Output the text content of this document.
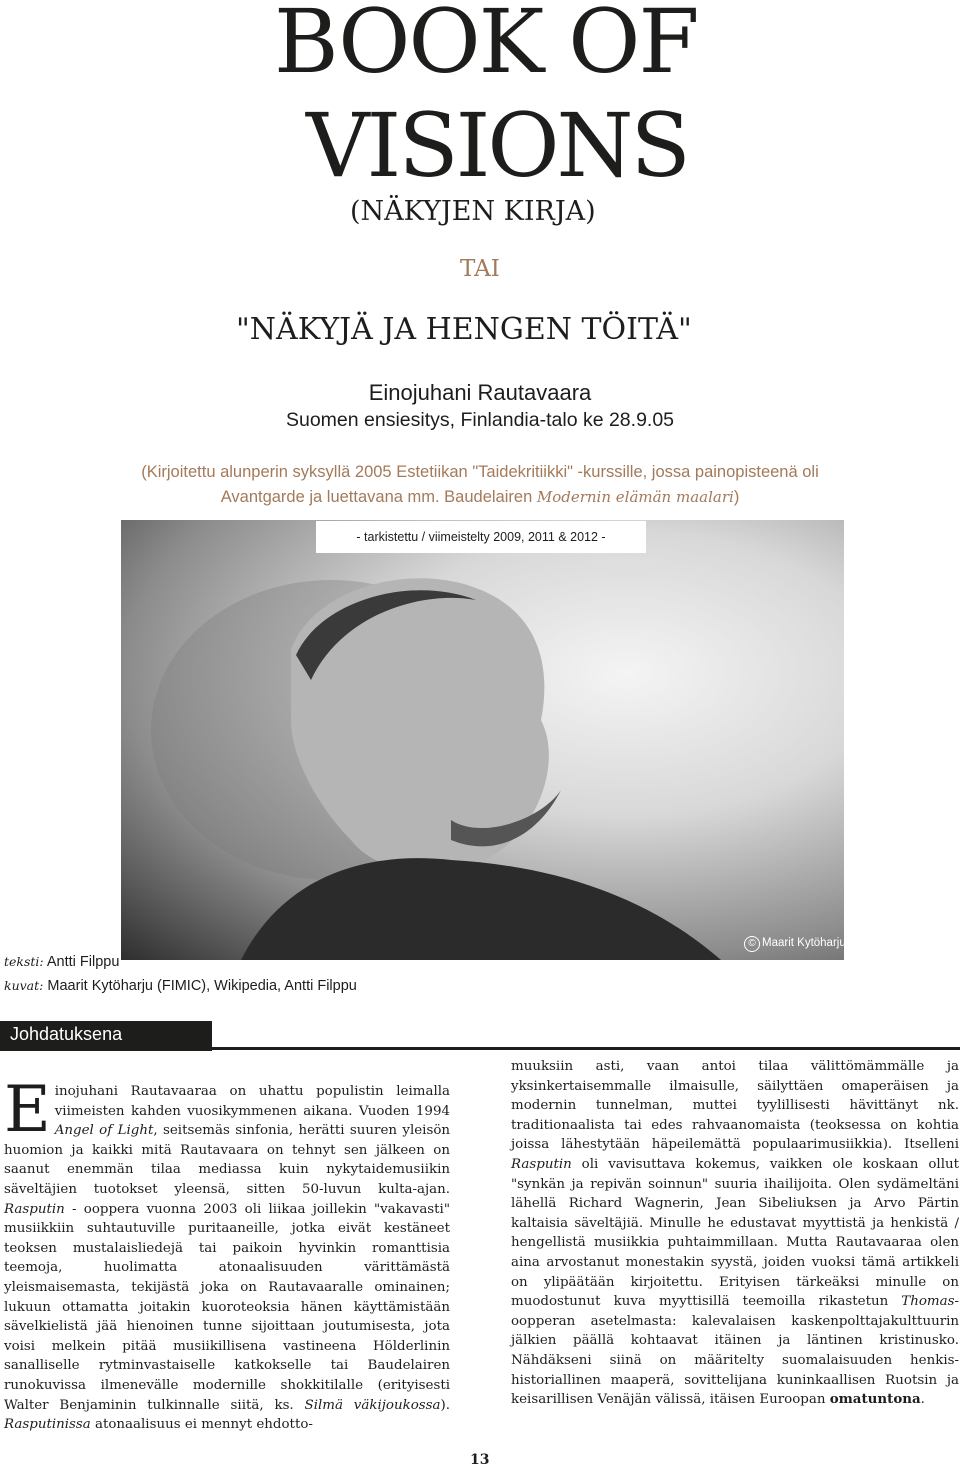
BOOK OF
VISIONS
(NÄKYJEN KIRJA)
TAI
"NÄKYJÄ JA HENGEN TÖITÄ"
Einojuhani Rautavaara
Suomen ensiesitys, Finlandia-talo ke 28.9.05
(Kirjoitettu alunperin syksyllä 2005 Estetiikan "Taidekritiikki" -kurssille, jossa painopisteenä oli Avantgarde ja luettavana mm. Baudelairen Modernin elämän maalari)
- tarkistettu / viimeistelty 2009, 2011 & 2012 -
© Maarit Kytöharju
teksti: Antti Filppu
kuvat: Maarit Kytöharju (FIMIC), Wikipedia, Antti Filppu
Johdatuksena

Einojuhani Rautavaaraa on uhattu populistin leimalla viimeisten kahden vuosikymmenen aikana. Vuoden 1994 Angel of Light, seitsemäs sinfonia, herätti suuren yleisön huomion ja kaikki mitä Rautavaara on tehnyt sen jälkeen on saanut enemmän tilaa mediassa kuin nykytaidemusiikin säveltäjien tuotokset yleensä, sitten 50-luvun kulta-ajan. Rasputin - ooppera vuonna 2003 oli liikaa joillekin "vakavasti" musiikkiin suhtautuville puritaaneille, jotka eivät kestäneet teoksen mustalaisliedejä tai paikoin hyvinkin romanttisia teemoja, huolimatta atonaalisuuden värittämästä yleismaisemasta, tekijästä joka on Rautavaaralle ominainen; lukuun ottamatta joitakin kuoroteoksia hänen käyttämistään sävelkielistä jää hienoinen tunne sijoittaan joutumisesta, jota voisi melkein pitää musiikillisena vastineena Hölderlinin sanalliselle rytminvastaiselle katkokselle tai Baudelairen runokuvissa ilmenevälle modernille shokkitilalle (erityisesti Walter Benjaminin tulkinnalle siitä, ks. Silmä väkijoukossa). Rasputinissa atonaalisuus ei mennyt ehdotto-

muuksiin asti, vaan antoi tilaa välittömämmälle ja yksinkertaisemmalle ilmaisulle, säilyttäen omaperäisen ja modernin tunnelman, muttei tyylillisesti hävittänyt nk. traditionaalista tai edes rahvaanomaista (teoksessa on kohtia joissa lähestytään häpeilemättä populaarimusiikkia). Itselleni Rasputin oli vavisuttava kokemus, vaikken ole koskaan ollut "synkän ja repivän soinnun" suuria ihailijoita. Olen sydämeltäni lähellä Richard Wagnerin, Jean Sibeliuksen ja Arvo Pärtin kaltaisia säveltäjiä. Minulle he edustavat myyttistä ja henkistä / hengellistä musiikkia puhtaimmillaan. Mutta Rautavaaraa olen aina arvostanut monestakin syystä, joiden vuoksi tämä artikkeli on ylipäätään kirjoitettu. Erityisen tärkeäksi minulle on muodostunut kuva myyttisillä teemoilla rikastetun Thomas-oopperan asetelmasta: kalevalaisen kaskenpolttajakulttuurin jälkien päällä kohtaavat itäinen ja läntinen kristinusko. Nähdäkseni siinä on määritelty suomalaisuuden henkis-historiallinen maaperä, sovittelijana kuninkaallisen Ruotsin ja keisarillisen Venäjän välissä, itäisen Euroopan omatuntona.

13
